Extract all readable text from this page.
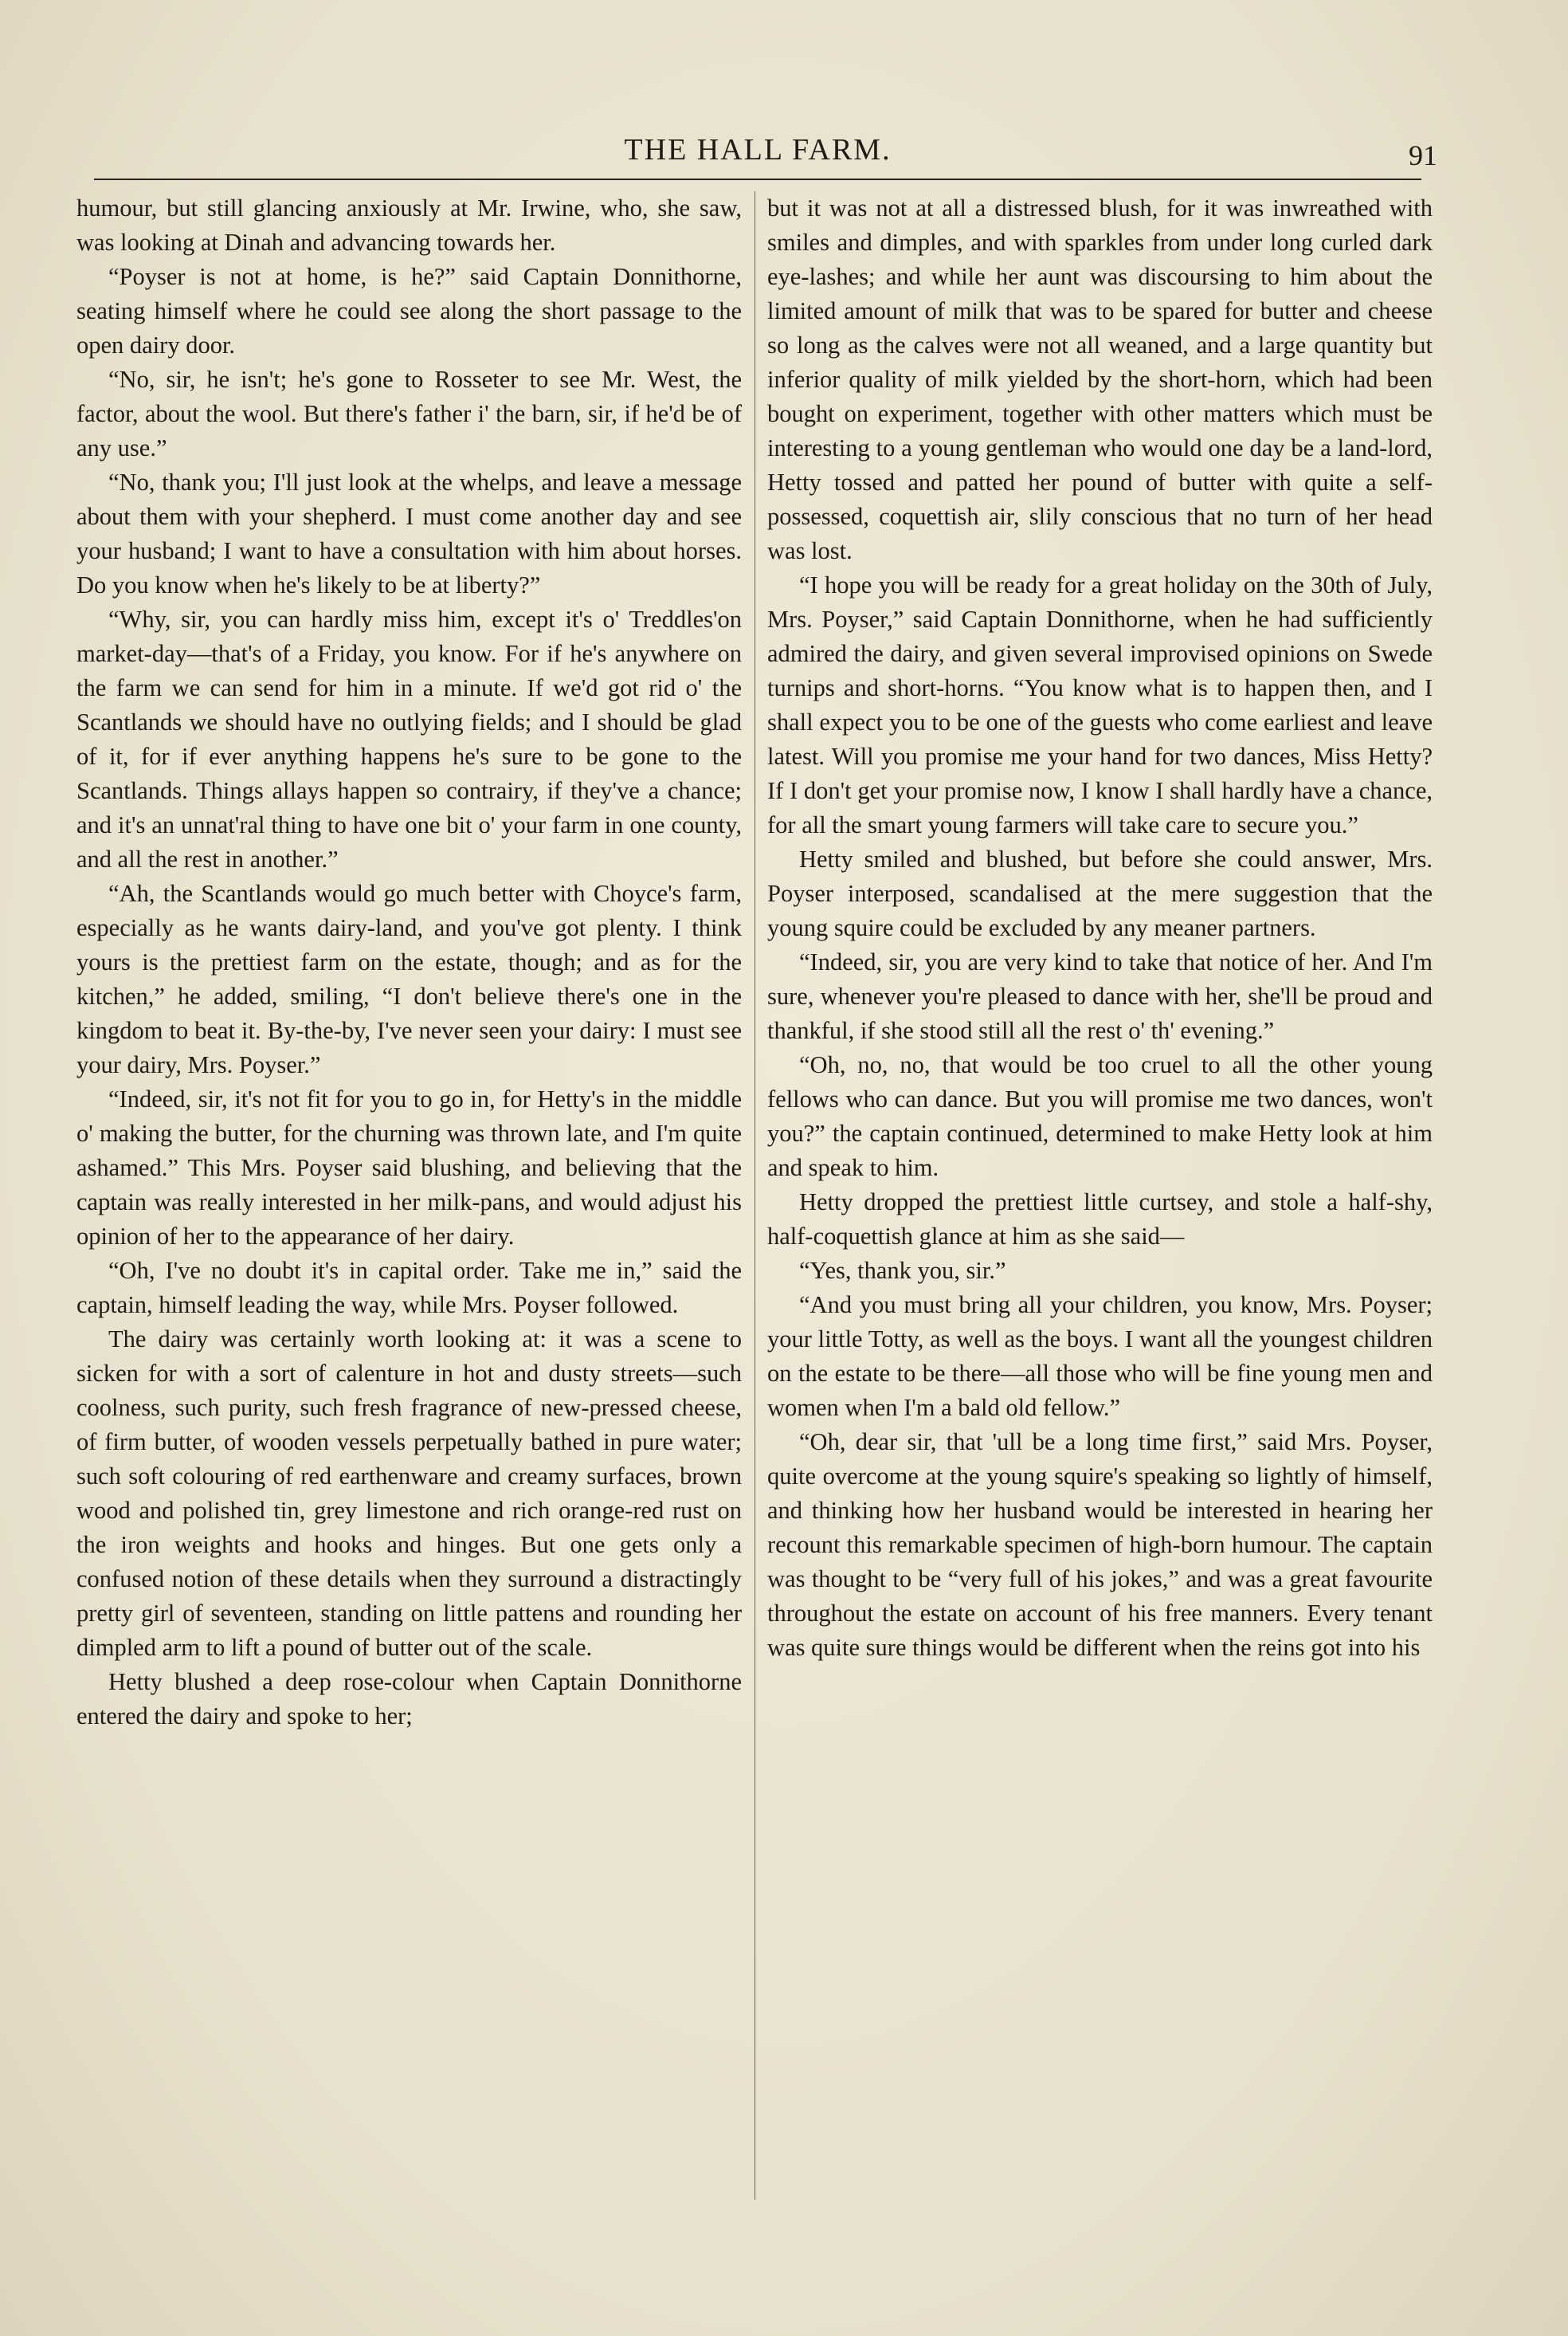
THE HALL FARM.	91

humour, but still glancing anxiously at Mr. Irwine, who, she saw, was looking at Dinah and advancing towards her.

“Poyser is not at home, is he?” said Captain Donnithorne, seating himself where he could see along the short passage to the open dairy door.

“No, sir, he isn't; he's gone to Rosseter to see Mr. West, the factor, about the wool. But there's father i' the barn, sir, if he'd be of any use.”

“No, thank you; I'll just look at the whelps, and leave a message about them with your shepherd. I must come another day and see your husband; I want to have a consultation with him about horses. Do you know when he's likely to be at liberty?”

“Why, sir, you can hardly miss him, except it's o' Treddles'on market-day—that's of a Friday, you know. For if he's anywhere on the farm we can send for him in a minute. If we'd got rid o' the Scantlands we should have no outlying fields; and I should be glad of it, for if ever anything happens he's sure to be gone to the Scantlands. Things allays happen so contrairy, if they've a chance; and it's an unnat'ral thing to have one bit o' your farm in one county, and all the rest in another.”

“Ah, the Scantlands would go much better with Choyce's farm, especially as he wants dairy-land, and you've got plenty. I think yours is the prettiest farm on the estate, though; and as for the kitchen,” he added, smiling, “I don't believe there's one in the kingdom to beat it. By-the-by, I've never seen your dairy: I must see your dairy, Mrs. Poyser.”

“Indeed, sir, it's not fit for you to go in, for Hetty's in the middle o' making the butter, for the churning was thrown late, and I'm quite ashamed.” This Mrs. Poyser said blushing, and believing that the captain was really interested in her milk-pans, and would adjust his opinion of her to the appearance of her dairy.

“Oh, I've no doubt it's in capital order. Take me in,” said the captain, himself leading the way, while Mrs. Poyser followed.

The dairy was certainly worth looking at: it was a scene to sicken for with a sort of calenture in hot and dusty streets—such coolness, such purity, such fresh fragrance of new-pressed cheese, of firm butter, of wooden vessels perpetually bathed in pure water; such soft colouring of red earthenware and creamy surfaces, brown wood and polished tin, grey limestone and rich orange-red rust on the iron weights and hooks and hinges. But one gets only a confused notion of these details when they surround a distractingly pretty girl of seventeen, standing on little pattens and rounding her dimpled arm to lift a pound of butter out of the scale.

Hetty blushed a deep rose-colour when Captain Donnithorne entered the dairy and spoke to her;

but it was not at all a distressed blush, for it was inwreathed with smiles and dimples, and with sparkles from under long curled dark eye-lashes; and while her aunt was discoursing to him about the limited amount of milk that was to be spared for butter and cheese so long as the calves were not all weaned, and a large quantity but inferior quality of milk yielded by the short-horn, which had been bought on experiment, together with other matters which must be interesting to a young gentleman who would one day be a land-lord, Hetty tossed and patted her pound of butter with quite a self-possessed, coquettish air, slily conscious that no turn of her head was lost.

“I hope you will be ready for a great holiday on the 30th of July, Mrs. Poyser,” said Captain Donnithorne, when he had sufficiently admired the dairy, and given several improvised opinions on Swede turnips and short-horns. “You know what is to happen then, and I shall expect you to be one of the guests who come earliest and leave latest. Will you promise me your hand for two dances, Miss Hetty? If I don't get your promise now, I know I shall hardly have a chance, for all the smart young farmers will take care to secure you.”

Hetty smiled and blushed, but before she could answer, Mrs. Poyser interposed, scandalised at the mere suggestion that the young squire could be excluded by any meaner partners.

“Indeed, sir, you are very kind to take that notice of her. And I'm sure, whenever you're pleased to dance with her, she'll be proud and thankful, if she stood still all the rest o' th' evening.”

“Oh, no, no, that would be too cruel to all the other young fellows who can dance. But you will promise me two dances, won't you?” the captain continued, determined to make Hetty look at him and speak to him.

Hetty dropped the prettiest little curtsey, and stole a half-shy, half-coquettish glance at him as she said—

“Yes, thank you, sir.”

“And you must bring all your children, you know, Mrs. Poyser; your little Totty, as well as the boys. I want all the youngest children on the estate to be there—all those who will be fine young men and women when I'm a bald old fellow.”

“Oh, dear sir, that 'ull be a long time first,” said Mrs. Poyser, quite overcome at the young squire's speaking so lightly of himself, and thinking how her husband would be interested in hearing her recount this remarkable specimen of high-born humour. The captain was thought to be “very full of his jokes,” and was a great favourite throughout the estate on account of his free manners. Every tenant was quite sure things would be different when the reins got into his
